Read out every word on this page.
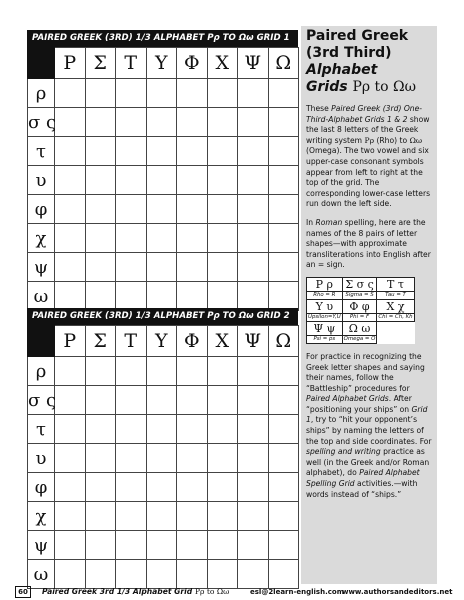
PAIRED GREEK (3RD) 1/3 ALPHABET Ρρ TO Ωω GRID 1
	Ρ	Σ	Τ	Υ	Φ	Χ	Ψ	Ω
ρ								
σ ς								
τ								
υ								
φ								
χ								
ψ								
ω								
PAIRED GREEK (3RD) 1/3 ALPHABET Ρρ TO Ωω GRID 2
	Ρ	Σ	Τ	Υ	Φ	Χ	Ψ	Ω
ρ								
σ ς								
τ								
υ								
φ								
χ								
ψ								
ω								
Paired Greek
(3rd Third) Alphabet
Grids Ρρ to Ωω

These Paired Greek (3rd) One-Third-Alphabet Grids 1 & 2 show the last 8 letters of the Greek writing system Ρρ (Rho) to Ωω (Omega). The two vowel and six upper-case consonant symbols appear from left to right at the top of the grid. The corresponding lower-case letters run down the left side.

In Roman spelling, here are the names of the 8 pairs of letter shapes—with approximate transliterations into English after an = sign.

Ρ ρ	Σ σ ς	Τ τ
Rho = R	Sigma = S	Tau = T
Υ υ	Φ φ	Χ χ
Upsilon=Y,U	Phi = F	Chi = Ch, Kh
Ψ ψ	Ω ω	
Psi = ps	Omega = O	

For practice in recognizing the Greek letter shapes and saying their names, follow the “Battleship” procedures for Paired Alphabet Grids. After “positioning your ships” on Grid 1, try to “hit your opponent’s ships” by naming the letters of the top and side coordinates. For spelling and writing practice as well (in the Greek and/or Roman alphabet), do Paired Alphabet Spelling Grid activities.—with words instead of “ships.”

60	Paired Greek 3rd 1/3 Alphabet Grid Ρρ to Ωω	esl@2learn-english.com
www.authorsandeditors.net
